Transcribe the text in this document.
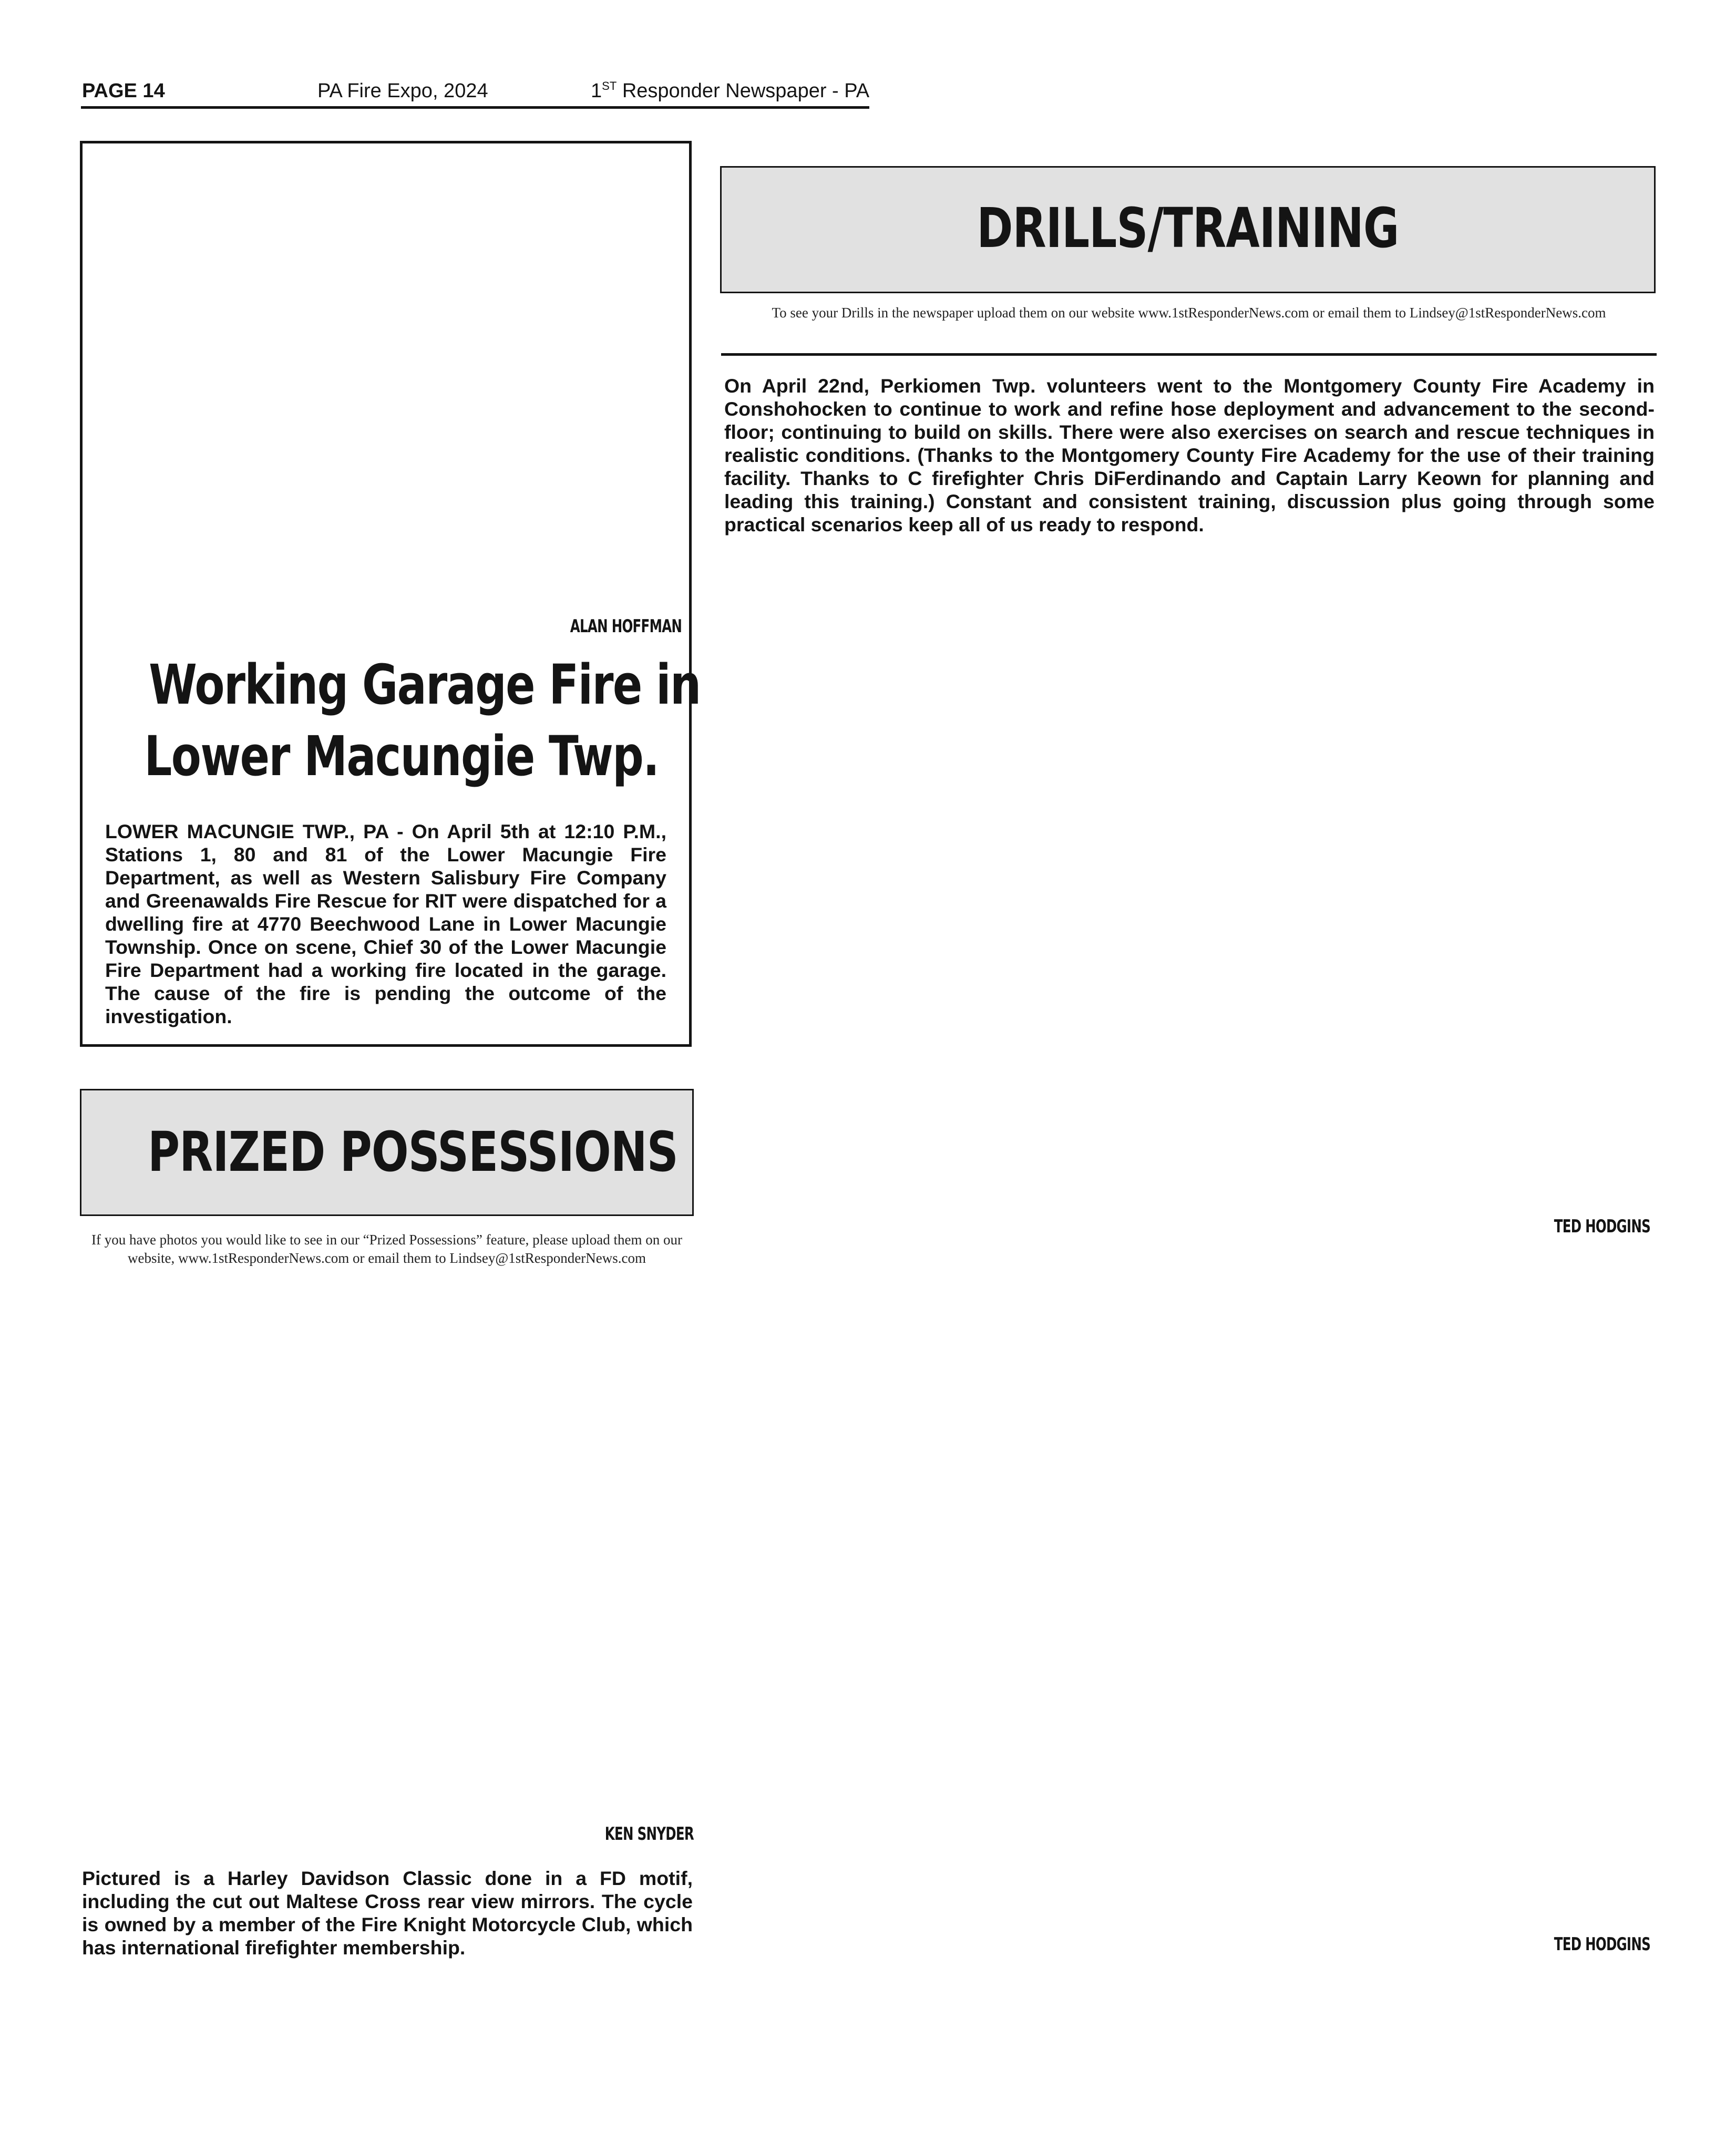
PAGE 14	PA Fire Expo, 2024	1ST Responder Newspaper - PA
ALAN HOFFMAN
Working Garage Fire in
Lower Macungie Twp.
LOWER MACUNGIE TWP., PA - On April 5th at 12:10 P.M., Stations 1, 80 and 81 of the Lower Macungie Fire Department, as well as Western Salisbury Fire Company and Greenawalds Fire Rescue for RIT were dispatched for a dwelling fire at 4770 Beechwood Lane in Lower Macungie Township. Once on scene, Chief 30 of the Lower Macungie Fire Department had a working fire located in the garage. The cause of the fire is pending the outcome of the investigation.
DRILLS/TRAINING
To see your Drills in the newspaper upload them on our website www.1stResponderNews.com or email them to Lindsey@1stResponderNews.com
On April 22nd, Perkiomen Twp. volunteers went to the Montgomery County Fire Academy in Conshohocken to continue to work and refine hose deployment and advancement to the second-floor; continuing to build on skills. There were also exercises on search and rescue techniques in realistic conditions. (Thanks to the Montgomery County Fire Academy for the use of their training facility. Thanks to C firefighter Chris DiFerdinando and Captain Larry Keown for planning and leading this training.) Constant and consistent training, discussion plus going through some practical scenarios keep all of us ready to respond.
TED HODGINS
TED HODGINS
PRIZED POSSESSIONS
If you have photos you would like to see in our “Prized Possessions” feature, please upload them on our website, www.1stResponderNews.com or email them to Lindsey@1stResponderNews.com
KEN SNYDER
Pictured is a Harley Davidson Classic done in a FD motif, including the cut out Maltese Cross rear view mirrors. The cycle is owned by a member of the Fire Knight Motorcycle Club, which has international firefighter membership.
